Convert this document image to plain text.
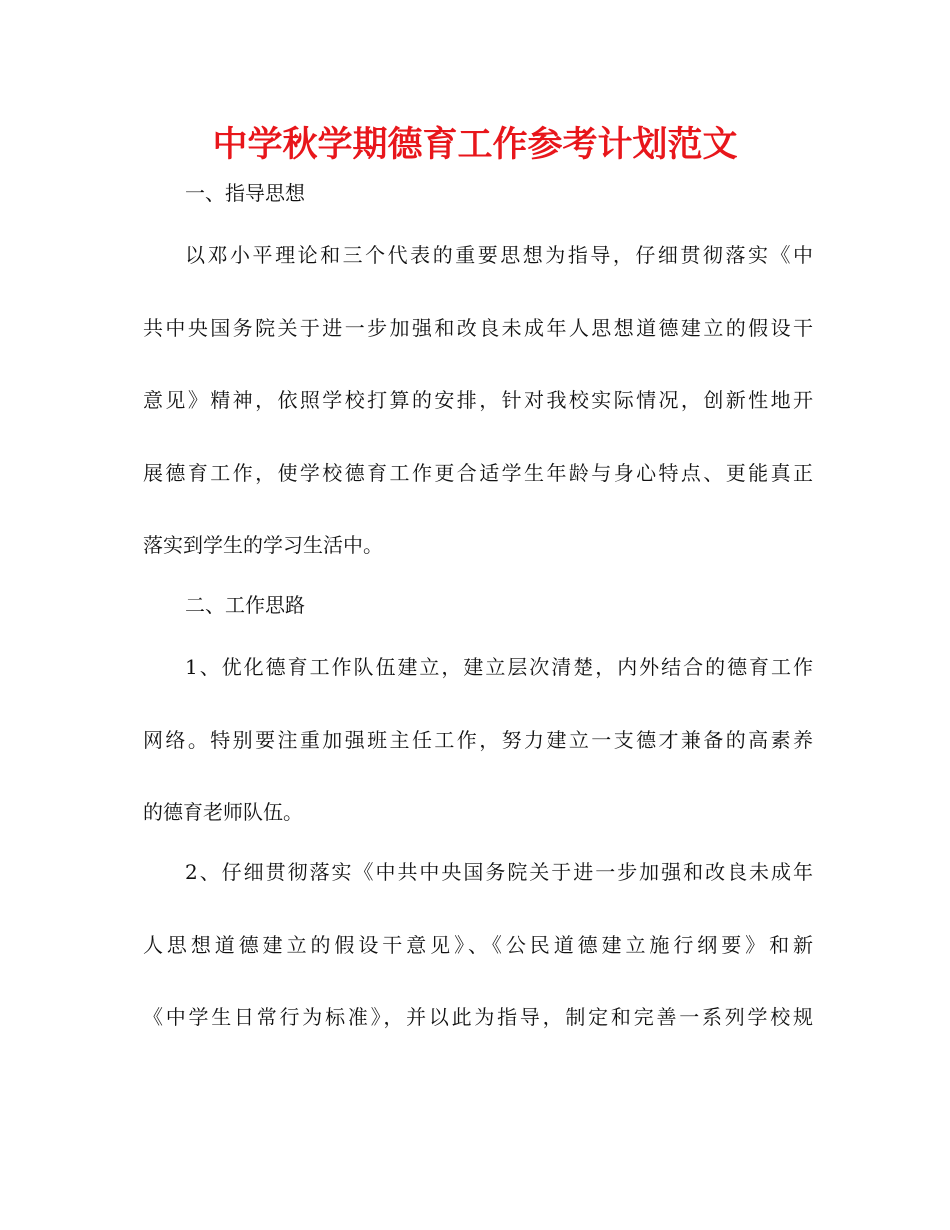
中学秋学期德育工作参考计划范文
一、指导思想
以邓小平理论和三个代表的重要思想为指导，仔细贯彻落实《中
共中央国务院关于进一步加强和改良未成年人思想道德建立的假设干
意见》精神，依照学校打算的安排，针对我校实际情况，创新性地开
展德育工作，使学校德育工作更合适学生年龄与身心特点、更能真正
落实到学生的学习生活中。
二、工作思路
1、优化德育工作队伍建立，建立层次清楚，内外结合的德育工作
网络。特别要注重加强班主任工作，努力建立一支德才兼备的高素养
的德育老师队伍。
2、仔细贯彻落实《中共中央国务院关于进一步加强和改良未成年
人思想道德建立的假设干意见》、《公民道德建立施行纲要》和新
《中学生日常行为标准》，并以此为指导，制定和完善一系列学校规
